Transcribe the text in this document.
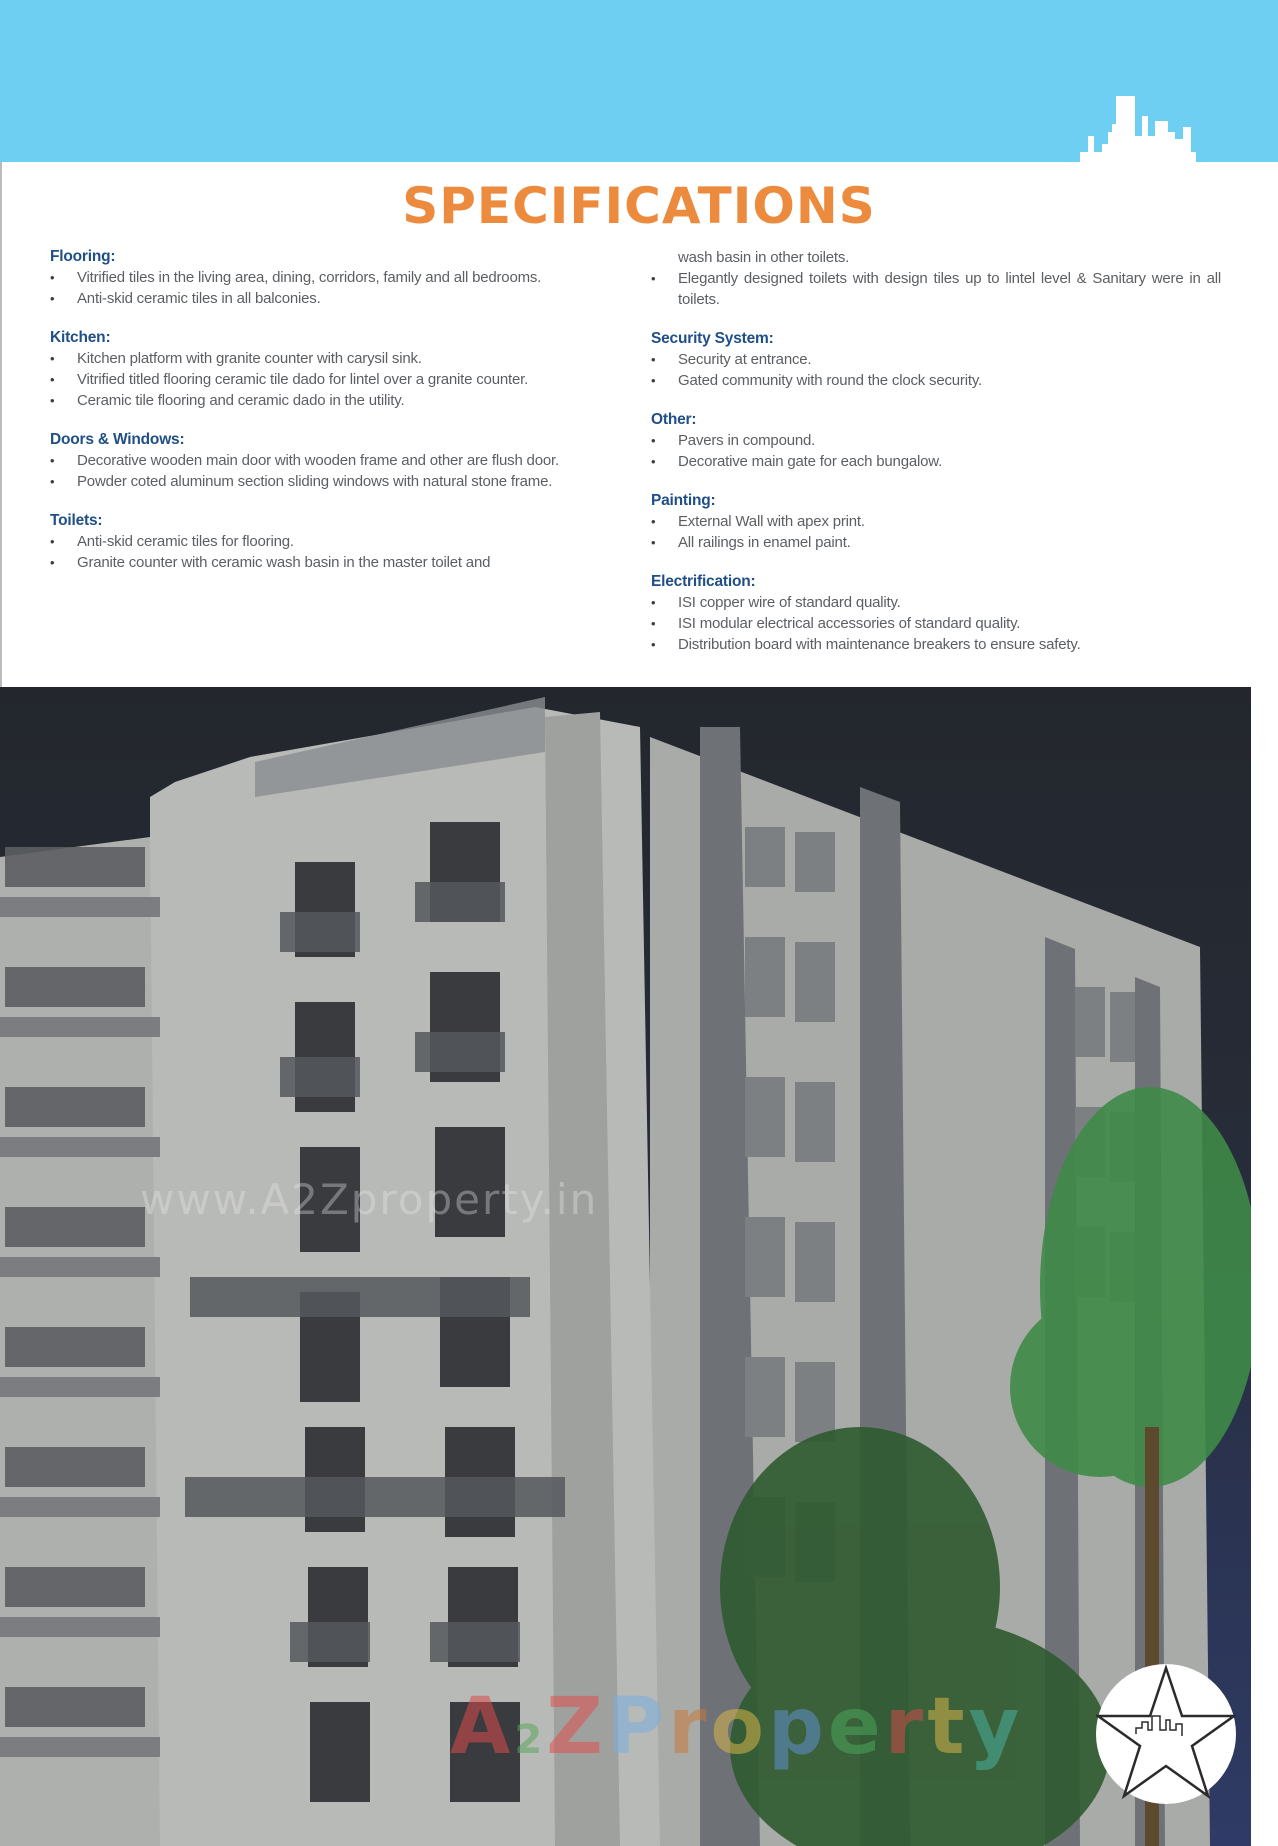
SPECIFICATIONS
Flooring:
• Vitrified tiles in the living area, dining, corridors, family and all bedrooms.
• Anti-skid ceramic tiles in all balconies.
Kitchen:
• Kitchen platform with granite counter with carysil sink.
• Vitrified titled flooring ceramic tile dado for lintel over a granite counter.
• Ceramic tile flooring and ceramic dado in the utility.
Doors & Windows:
• Decorative wooden main door with wooden frame and other are flush door.
• Powder coted aluminum section sliding windows with natural stone frame.
Toilets:
• Anti-skid ceramic tiles for flooring.
• Granite counter with ceramic wash basin in the master toilet and
wash basin in other toilets.
• Elegantly designed toilets with design tiles up to lintel level & Sanitary were in all toilets.
Security System:
• Security at entrance.
• Gated community with round the clock security.
Other:
• Pavers in compound.
• Decorative main gate for each bungalow.
Painting:
• External Wall with apex print.
• All railings in enamel paint.
Electrification:
• ISI copper wire of standard quality.
• ISI modular electrical accessories of standard quality.
• Distribution board with maintenance breakers to ensure safety.
www.A2Zproperty.in
A2ZProperty
